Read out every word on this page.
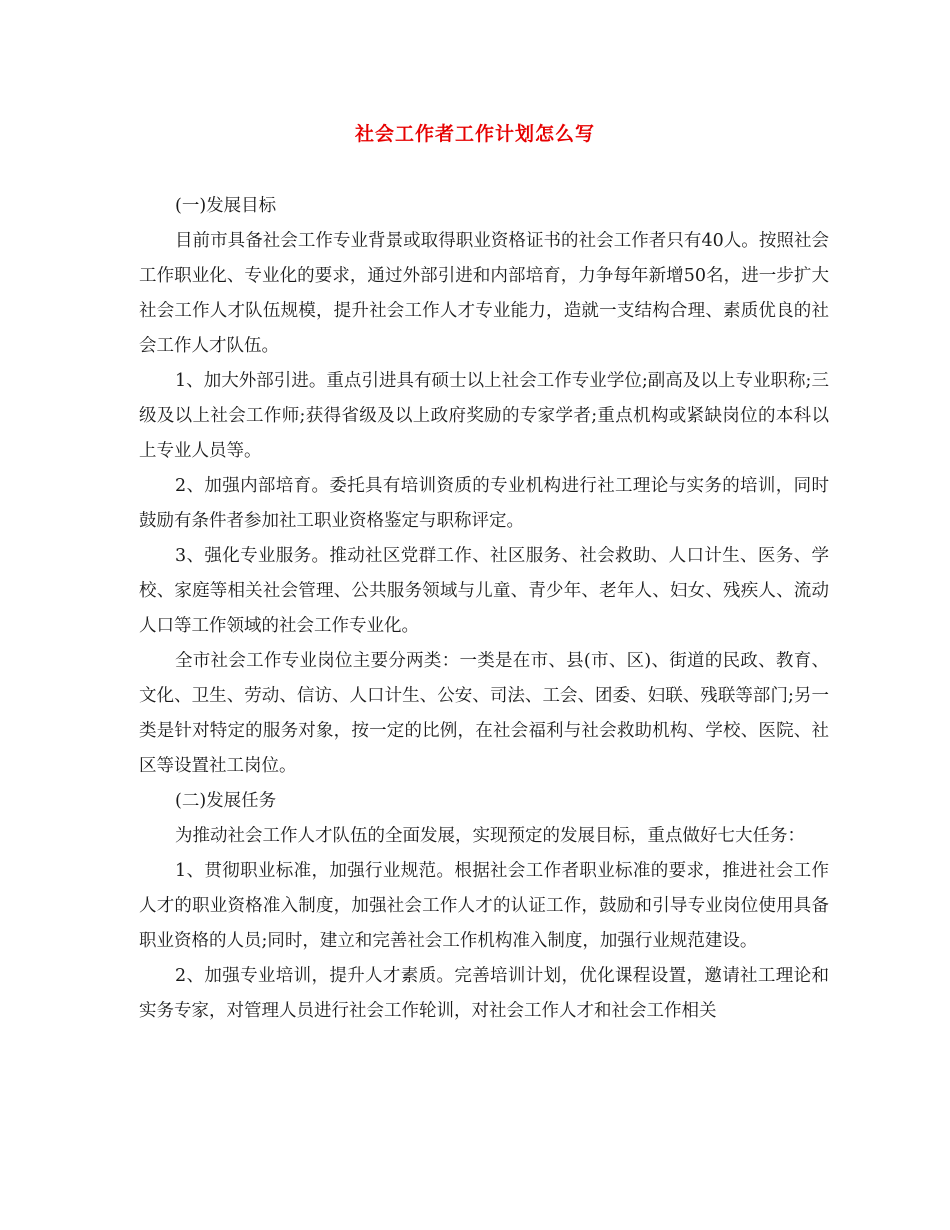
社会工作者工作计划怎么写

(一)发展目标

目前市具备社会工作专业背景或取得职业资格证书的社会工作者只有40人。按照社会工作职业化、专业化的要求，通过外部引进和内部培育，力争每年新增50名，进一步扩大社会工作人才队伍规模，提升社会工作人才专业能力，造就一支结构合理、素质优良的社会工作人才队伍。

1、加大外部引进。重点引进具有硕士以上社会工作专业学位;副高及以上专业职称;三级及以上社会工作师;获得省级及以上政府奖励的专家学者;重点机构或紧缺岗位的本科以上专业人员等。

2、加强内部培育。委托具有培训资质的专业机构进行社工理论与实务的培训，同时鼓励有条件者参加社工职业资格鉴定与职称评定。

3、强化专业服务。推动社区党群工作、社区服务、社会救助、人口计生、医务、学校、家庭等相关社会管理、公共服务领域与儿童、青少年、老年人、妇女、残疾人、流动人口等工作领域的社会工作专业化。

全市社会工作专业岗位主要分两类：一类是在市、县(市、区)、街道的民政、教育、文化、卫生、劳动、信访、人口计生、公安、司法、工会、团委、妇联、残联等部门;另一类是针对特定的服务对象，按一定的比例，在社会福利与社会救助机构、学校、医院、社区等设置社工岗位。

(二)发展任务

为推动社会工作人才队伍的全面发展，实现预定的发展目标，重点做好七大任务：

1、贯彻职业标准，加强行业规范。根据社会工作者职业标准的要求，推进社会工作人才的职业资格准入制度，加强社会工作人才的认证工作，鼓励和引导专业岗位使用具备职业资格的人员;同时，建立和完善社会工作机构准入制度，加强行业规范建设。

2、加强专业培训，提升人才素质。完善培训计划，优化课程设置，邀请社工理论和实务专家，对管理人员进行社会工作轮训，对社会工作人才和社会工作相关
